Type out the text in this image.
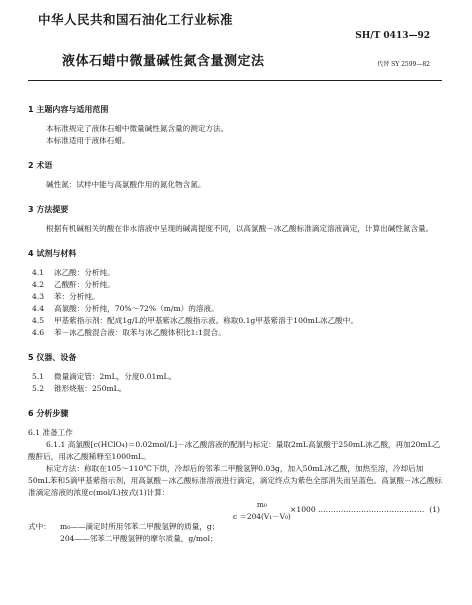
中华人民共和国石油化工行业标准
SH/T 0413—92
液体石蜡中微量碱性氮含量测定法	代替 SY 2599—82
1 主题内容与适用范围
本标准规定了液体石蜡中微量碱性氮含量的测定方法。
本标准适用于液体石蜡。
2 术语
碱性氮：试样中能与高氯酸作用的氮化物含氮。
3 方法提要
根据有机碱相关的酸在非水溶液中呈现的碱离提度不同，以高氯酸－冰乙酸标准滴定溶液滴定，计算出碱性氮含量。
4 试剂与材料
4.1	冰乙酸：分析纯。
4.2	乙酸酐：分析纯。
4.3	苯：分析纯。
4.4	高氯酸：分析纯，70%～72%（m/m）的溶液。
4.5	甲基紫指示剂：配成1g/L的甲基紫冰乙酸指示液。称取0.1g甲基紫溶于100mL冰乙酸中。
4.6	苯－冰乙酸混合液：取苯与冰乙酸体积比1:1混合。
5 仪器、设备
5.1	微量滴定管：2mL，分度0.01mL。
5.2	锥形烧瓶：250mL。
6 分析步骤
6.1 准备工作
6.1.1 高氯酸[c(HClO₄)＝0.02mol/L]－冰乙酸溶液的配制与标定：量取2mL高氯酸于250mL冰乙酸，再加20mL乙酸酐后，用冰乙酸稀释至1000mL。
标定方法：称取在105～110℃下烘，冷却后的邻苯二甲酸氢钾0.03g，加入50mL冰乙酸，加热至溶，冷却后加50mL苯和5滴甲基紫指示剂，用高氯酸－冰乙酸标准溶液进行滴定，滴定终点为紫色全部消失而呈蓝色。高氯酸－冰乙酸标准滴定溶液的浓度c(mol/L)按式(1)计算：
m₀
c ＝204(V₁－V₀)
×1000 …………………………………… (1)
式中：	m₀——滴定时所用邻苯二甲酸氢钾的质量，g；
204——邻苯二甲酸氢钾的摩尔质量，g/mol；
